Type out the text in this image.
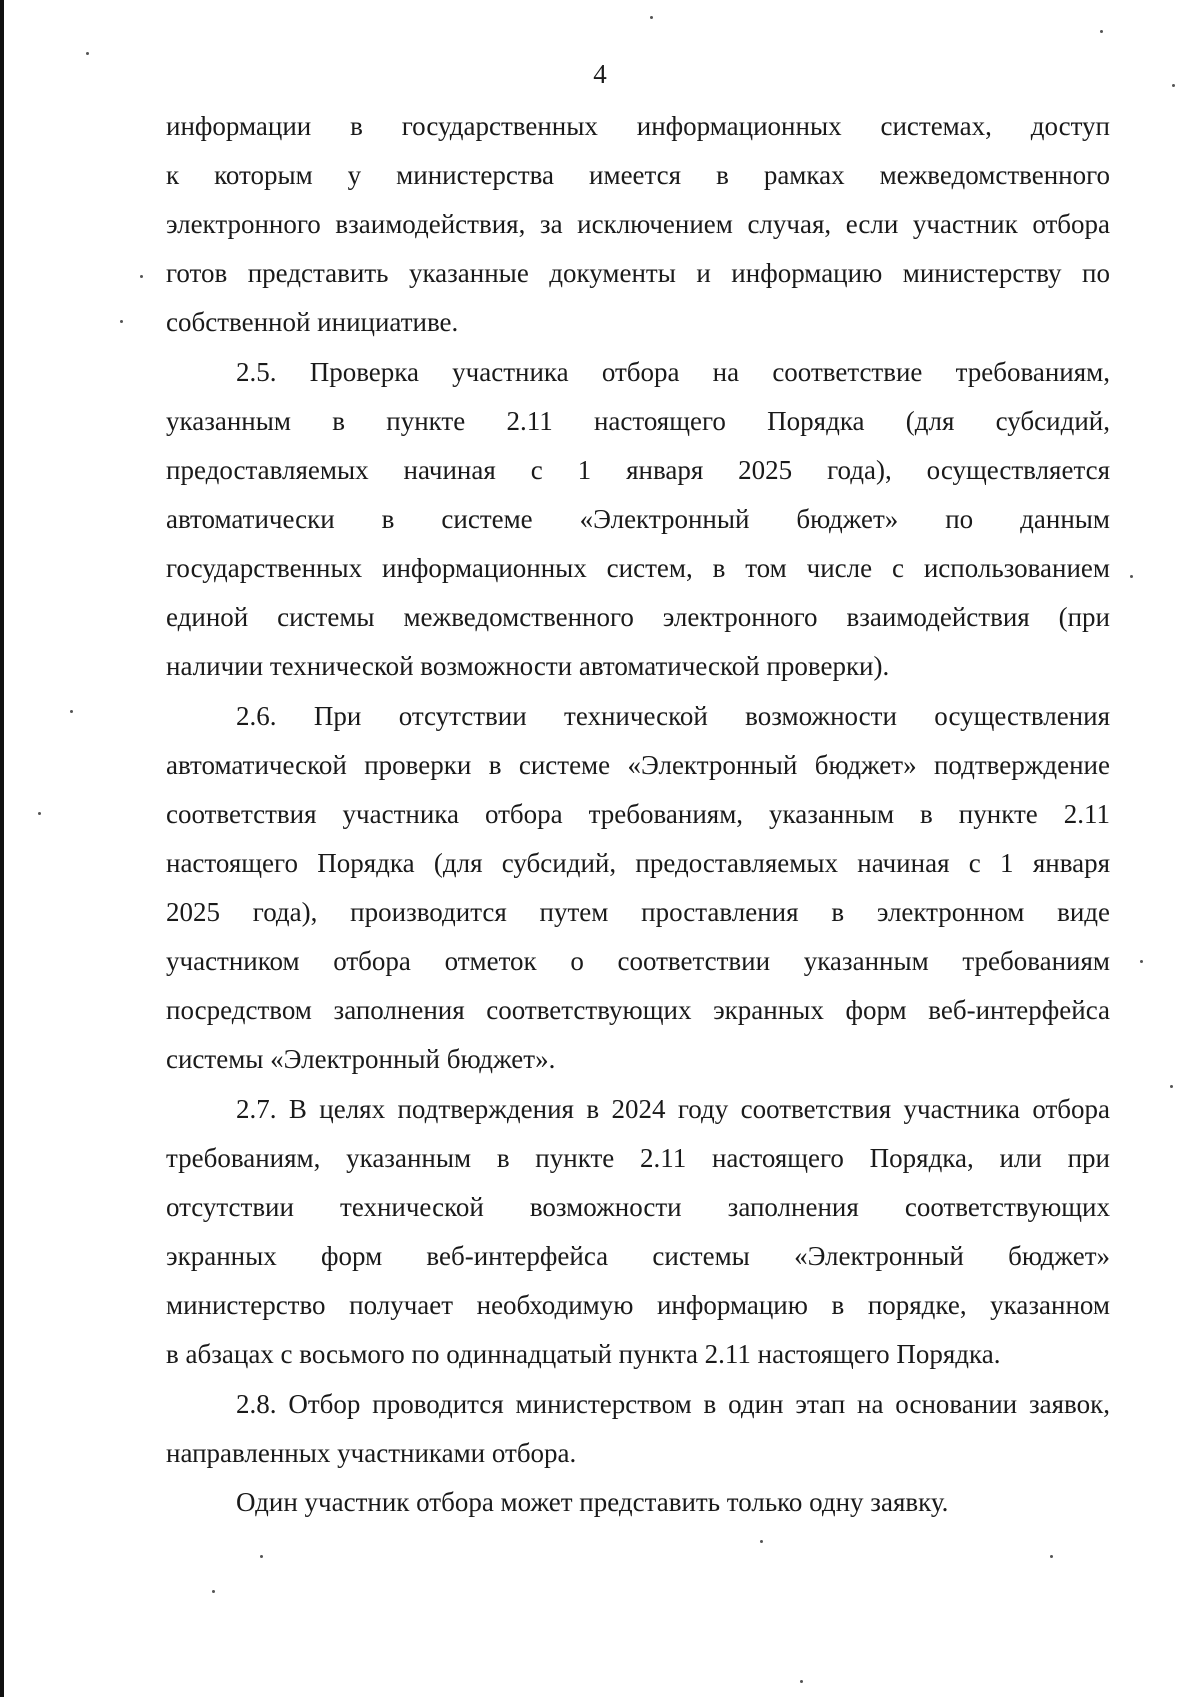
4
информации в государственных информационных системах, доступ
к которым у министерства имеется в рамках межведомственного
электронного взаимодействия, за исключением случая, если участник отбора
готов представить указанные документы и информацию министерству по
собственной инициативе.
2.5. Проверка участника отбора на соответствие требованиям,
указанным в пункте 2.11 настоящего Порядка (для субсидий,
предоставляемых начиная с 1 января 2025 года), осуществляется
автоматически в системе «Электронный бюджет» по данным
государственных информационных систем, в том числе с использованием
единой системы межведомственного электронного взаимодействия (при
наличии технической возможности автоматической проверки).
2.6. При отсутствии технической возможности осуществления
автоматической проверки в системе «Электронный бюджет» подтверждение
соответствия участника отбора требованиям, указанным в пункте 2.11
настоящего Порядка (для субсидий, предоставляемых начиная с 1 января
2025 года), производится путем проставления в электронном виде
участником отбора отметок о соответствии указанным требованиям
посредством заполнения соответствующих экранных форм веб-интерфейса
системы «Электронный бюджет».
2.7. В целях подтверждения в 2024 году соответствия участника отбора
требованиям, указанным в пункте 2.11 настоящего Порядка, или при
отсутствии технической возможности заполнения соответствующих
экранных форм веб-интерфейса системы «Электронный бюджет»
министерство получает необходимую информацию в порядке, указанном
в абзацах с восьмого по одиннадцатый пункта 2.11 настоящего Порядка.
2.8. Отбор проводится министерством в один этап на основании заявок,
направленных участниками отбора.
Один участник отбора может представить только одну заявку.
